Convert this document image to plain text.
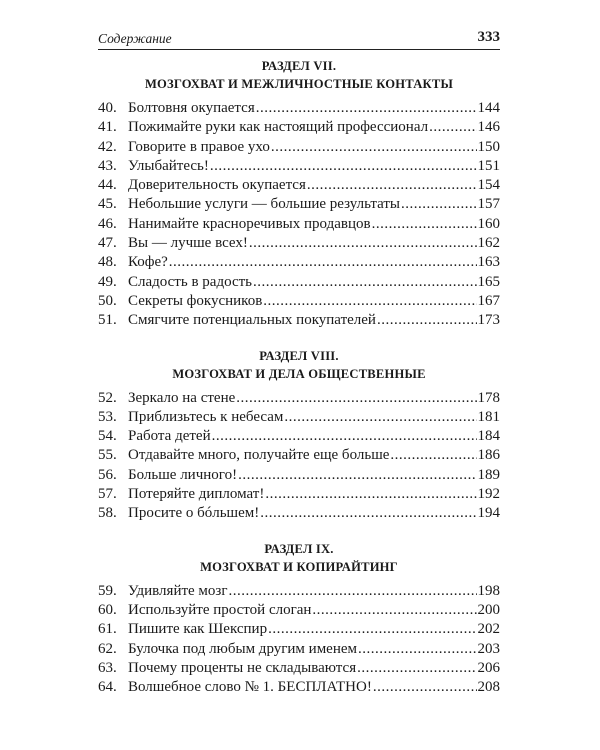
Содержание	333
РАЗДЕЛ VII.
МОЗГОХВАТ И МЕЖЛИЧНОСТНЫЕ КОНТАКТЫ
40. Болтовня окупается .....	144
41. Пожимайте руки как настоящий профессионал .....	146
42. Говорите в правое ухо .....	150
43. Улыбайтесь! .....	151
44. Доверительность окупается .....	154
45. Небольшие услуги — большие результаты .....	157
46. Нанимайте красноречивых продавцов .....	160
47. Вы — лучше всех! .....	162
48. Кофе? .....	163
49. Сладость в радость .....	165
50. Секреты фокусников .....	167
51. Смягчите потенциальных покупателей .....	173
РАЗДЕЛ VIII.
МОЗГОХВАТ И ДЕЛА ОБЩЕСТВЕННЫЕ
52. Зеркало на стене .....	178
53. Приблизьтесь к небесам .....	181
54. Работа детей .....	184
55. Отдавайте много, получайте еще больше .....	186
56. Больше личного! .....	189
57. Потеряйте дипломат! .....	192
58. Просите о бóльшем! .....	194
РАЗДЕЛ IX.
МОЗГОХВАТ И КОПИРАЙТИНГ
59. Удивляйте мозг .....	198
60. Используйте простой слоган .....	200
61. Пишите как Шекспир .....	202
62. Булочка под любым другим именем .....	203
63. Почему проценты не складываются .....	206
64. Волшебное слово № 1. БЕСПЛАТНО! .....	208
